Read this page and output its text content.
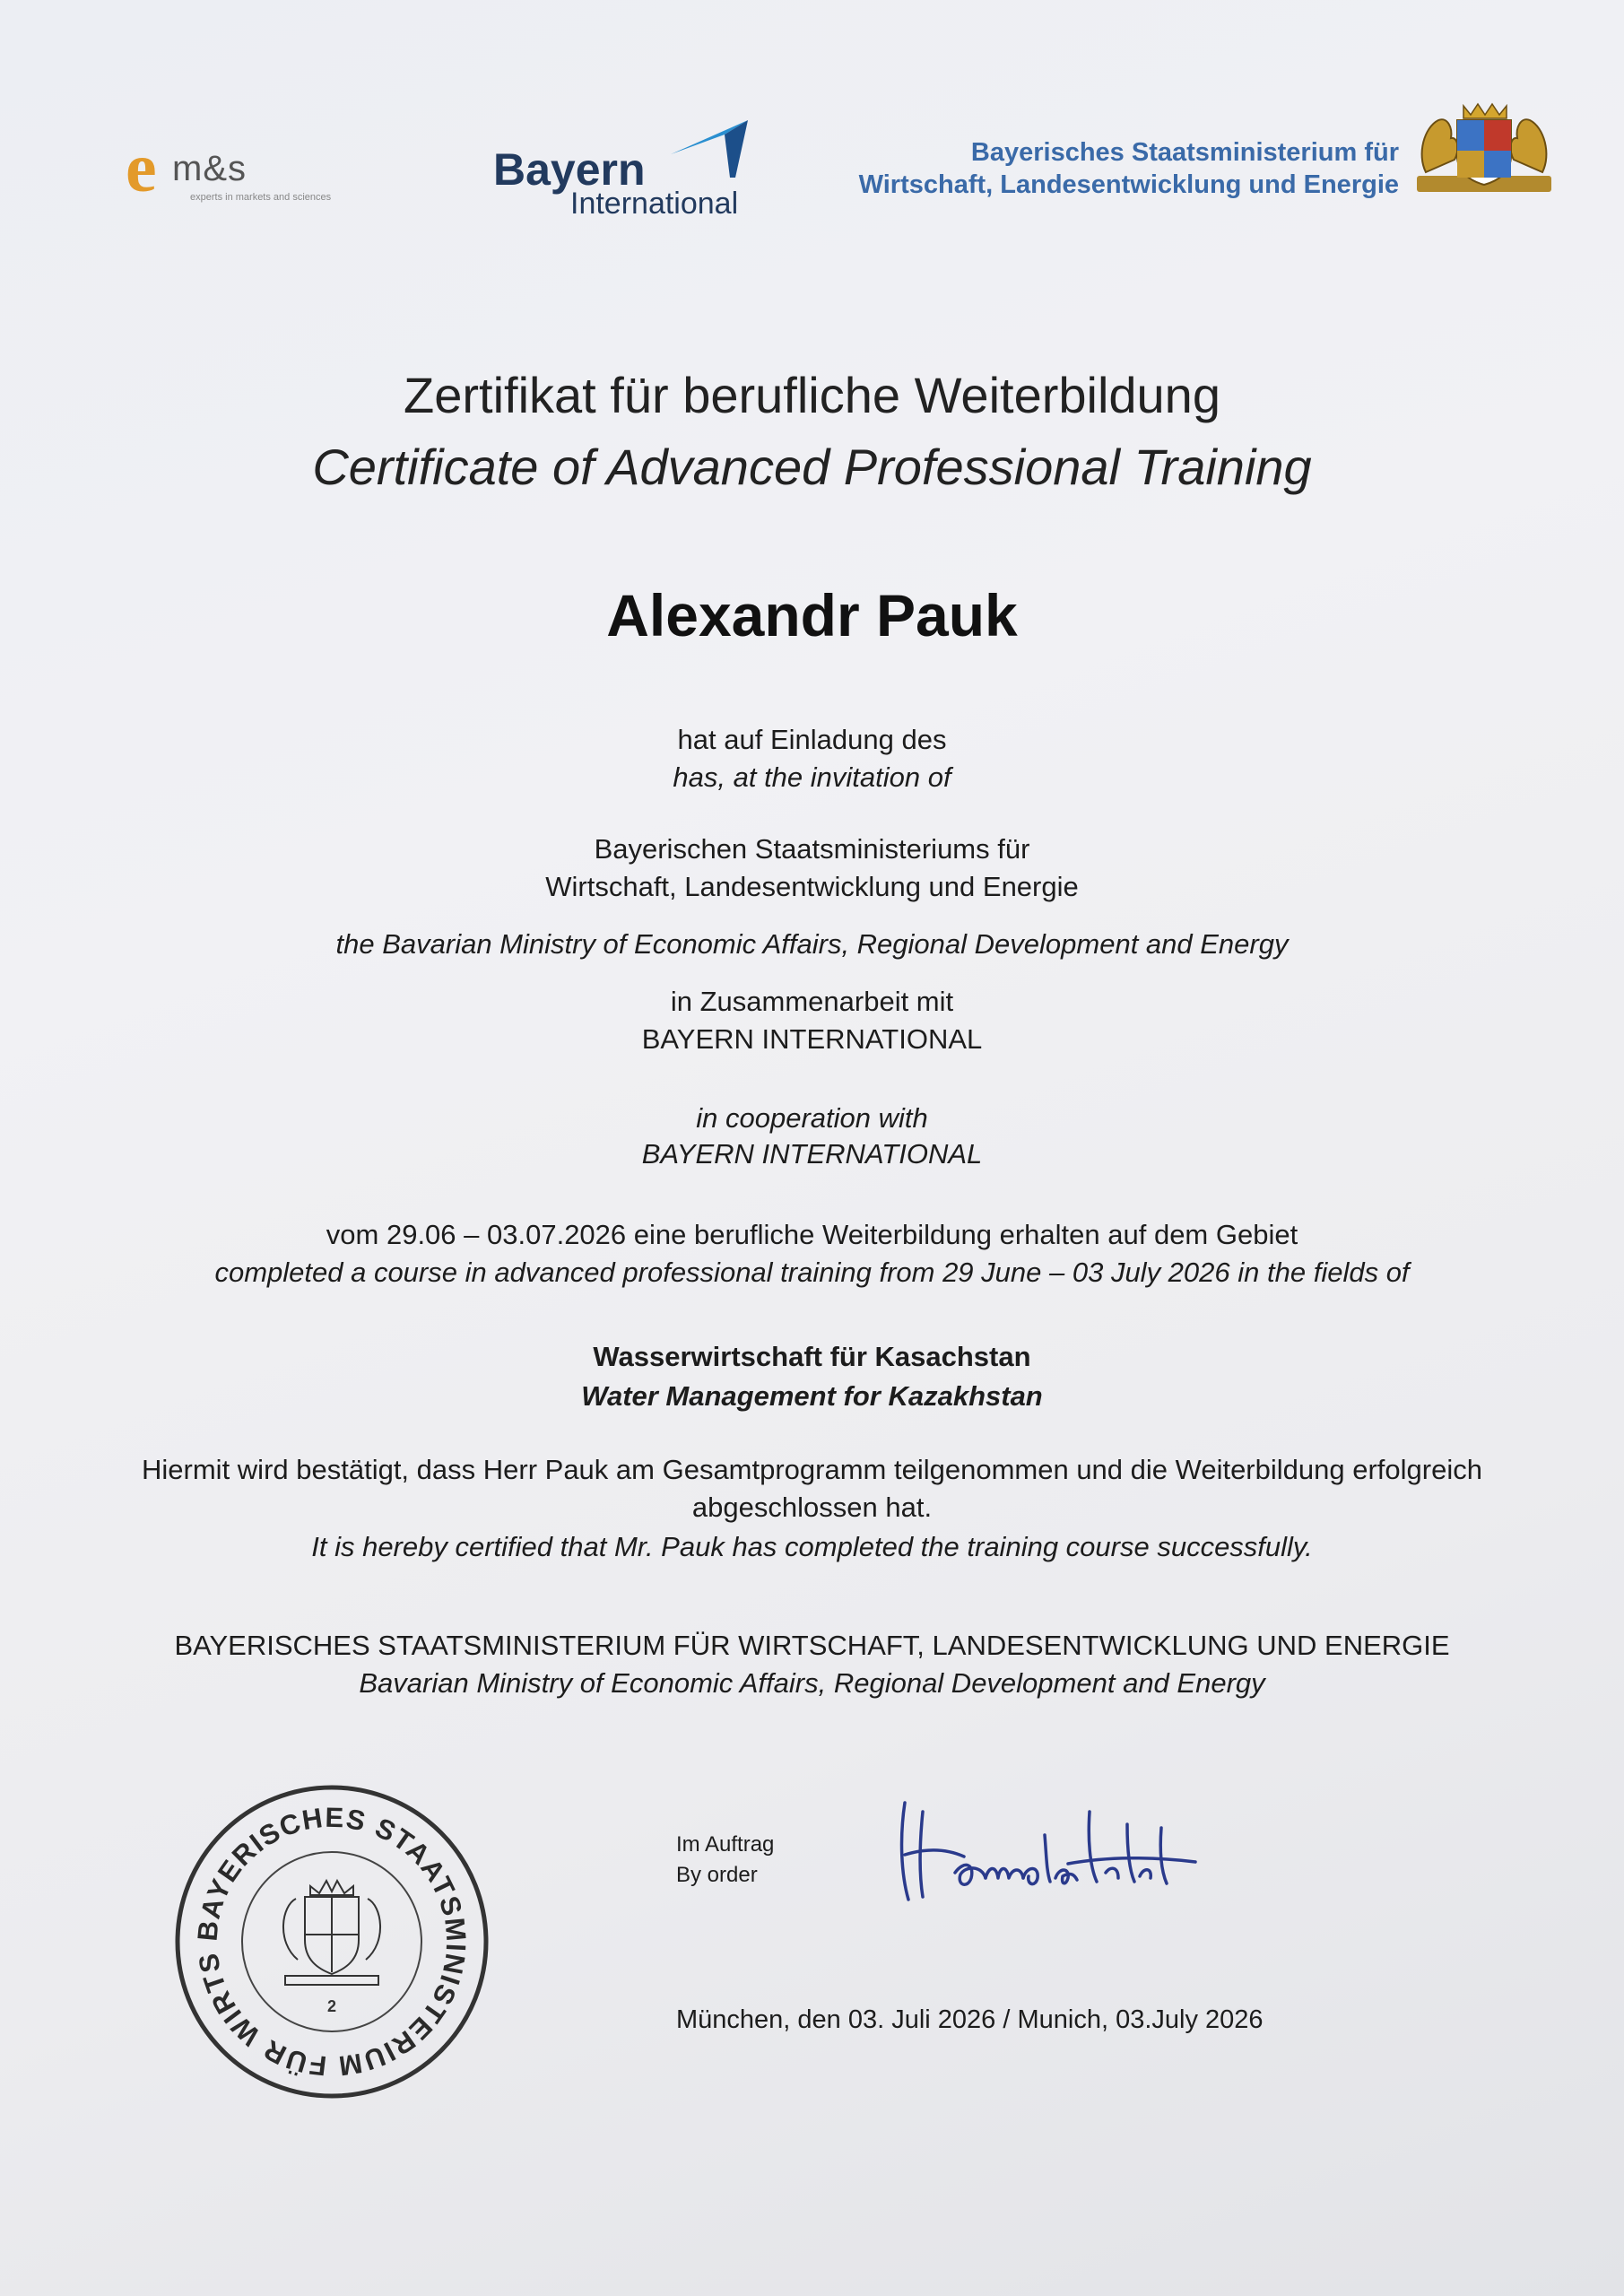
e m&s
experts in markets and sciences
Bayern
International
Bayerisches Staatsministerium für
Wirtschaft, Landesentwicklung und Energie
Zertifikat für berufliche Weiterbildung
Certificate of Advanced Professional Training
Alexandr Pauk
hat auf Einladung des
has, at the invitation of
Bayerischen Staatsministeriums für
Wirtschaft, Landesentwicklung und Energie
the Bavarian Ministry of Economic Affairs, Regional Development and Energy
in Zusammenarbeit mit
BAYERN INTERNATIONAL
in cooperation with
BAYERN INTERNATIONAL
vom 29.06 – 03.07.2026 eine berufliche Weiterbildung erhalten auf dem Gebiet
completed a course in advanced professional training from 29 June – 03 July 2026 in the fields of
Wasserwirtschaft für Kasachstan
Water Management for Kazakhstan
Hiermit wird bestätigt, dass Herr Pauk am Gesamtprogramm teilgenommen und die Weiterbildung erfolgreich
abgeschlossen hat.
It is hereby certified that Mr. Pauk has completed the training course successfully.
BAYERISCHES STAATSMINISTERIUM FÜR WIRTSCHAFT, LANDESENTWICKLUNG UND ENERGIE
Bavarian Ministry of Economic Affairs, Regional Development and Energy
BAYERISCHES STAATSMINISTERIUM FÜR WIRTS
2
Im Auftrag
By order
München, den 03. Juli 2026 / Munich, 03.July 2026
